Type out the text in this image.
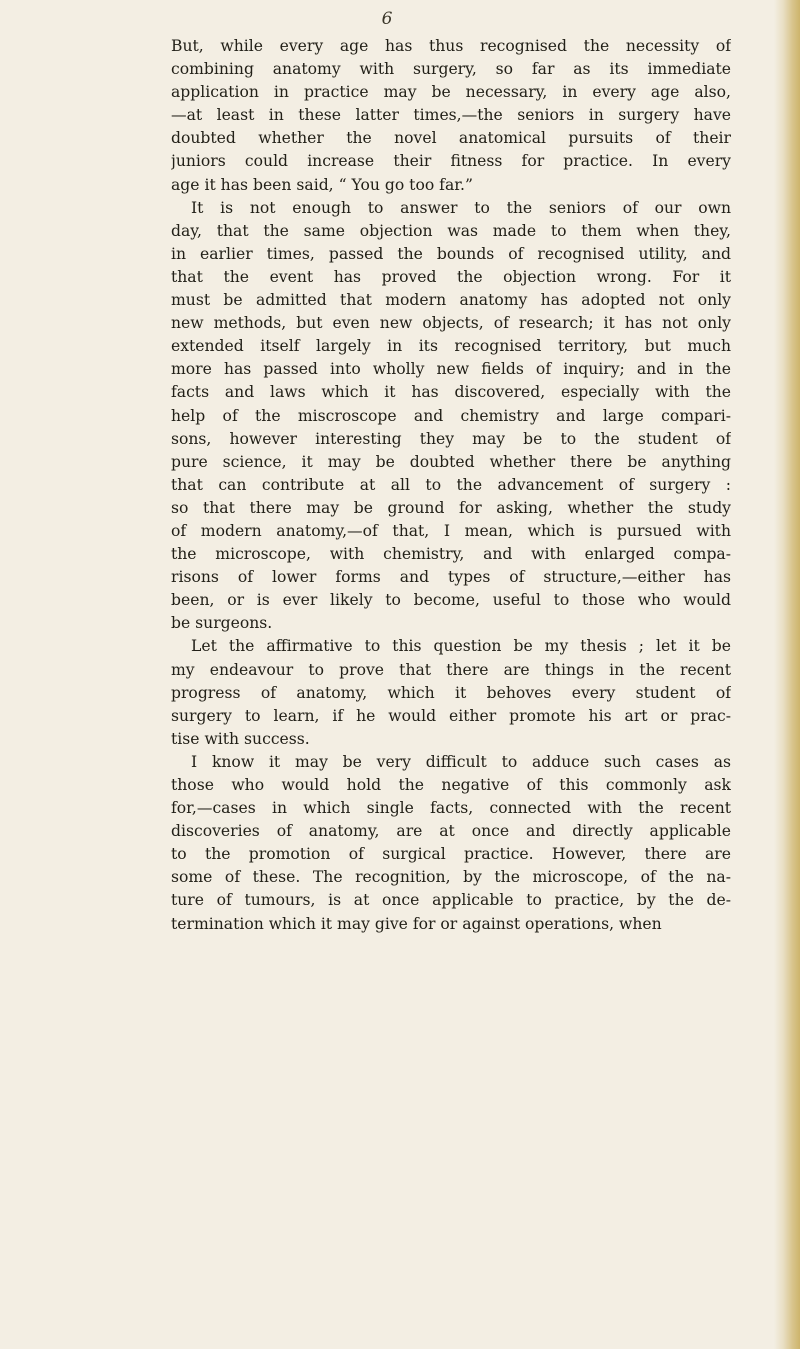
6
But, while every age has thus recognised the necessity of
combining anatomy with surgery, so far as its immediate
application in practice may be necessary, in every age also,
—at least in these latter times,—the seniors in surgery have
doubted whether the novel anatomical pursuits of their
juniors could increase their fitness for practice. In every
age it has been said, “ You go too far.”
It is not enough to answer to the seniors of our own
day, that the same objection was made to them when they,
in earlier times, passed the bounds of recognised utility, and
that the event has proved the objection wrong. For it
must be admitted that modern anatomy has adopted not only
new methods, but even new objects, of research; it has not only
extended itself largely in its recognised territory, but much
more has passed into wholly new fields of inquiry; and in the
facts and laws which it has discovered, especially with the
help of the miscroscope and chemistry and large compari-
sons, however interesting they may be to the student of
pure science, it may be doubted whether there be anything
that can contribute at all to the advancement of surgery :
so that there may be ground for asking, whether the study
of modern anatomy,—of that, I mean, which is pursued with
the microscope, with chemistry, and with enlarged compa-
risons of lower forms and types of structure,—either has
been, or is ever likely to become, useful to those who would
be surgeons.
Let the affirmative to this question be my thesis ; let it be
my endeavour to prove that there are things in the recent
progress of anatomy, which it behoves every student of
surgery to learn, if he would either promote his art or prac-
tise with success.
I know it may be very difficult to adduce such cases as
those who would hold the negative of this commonly ask
for,—cases in which single facts, connected with the recent
discoveries of anatomy, are at once and directly applicable
to the promotion of surgical practice. However, there are
some of these. The recognition, by the microscope, of the na-
ture of tumours, is at once applicable to practice, by the de-
termination which it may give for or against operations, when
